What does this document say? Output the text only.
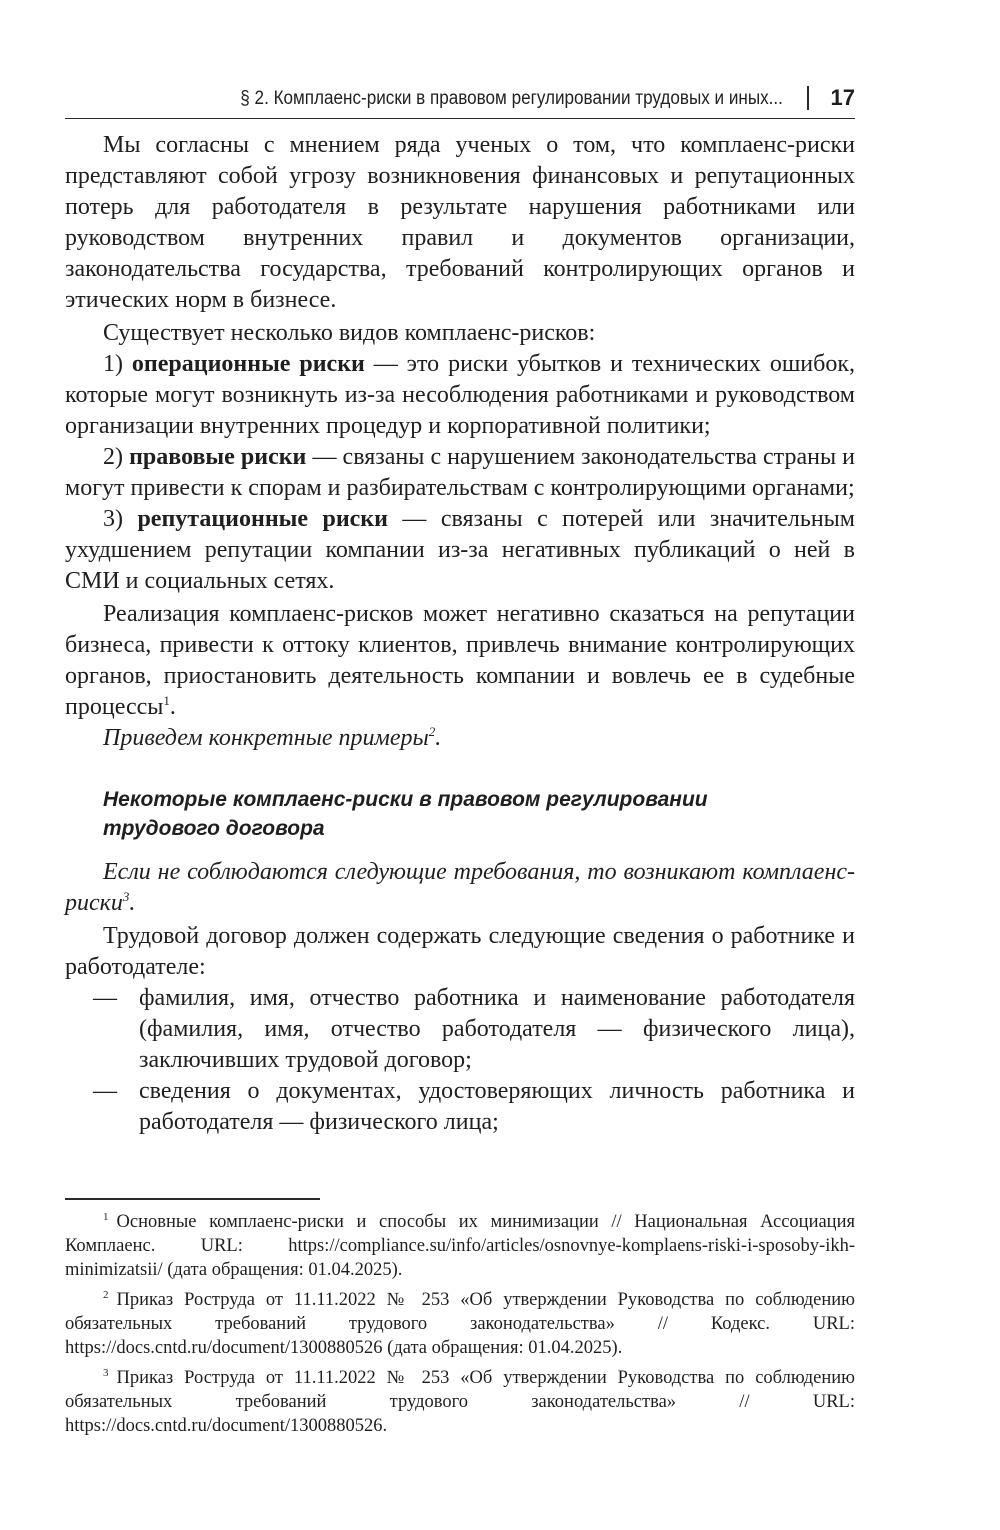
§ 2. Комплаенс-риски в правовом регулировании трудовых и иных... 17

Мы согласны с мнением ряда ученых о том, что комплаенс-риски представляют собой угрозу возникновения финансовых и репутационных потерь для работодателя в результате нарушения работниками или руководством внутренних правил и документов организации, законодательства государства, требований контролирующих органов и этических норм в бизнесе.

Существует несколько видов комплаенс-рисков:

1) операционные риски — это риски убытков и технических ошибок, которые могут возникнуть из-за несоблюдения работниками и руководством организации внутренних процедур и корпоративной политики;

2) правовые риски — связаны с нарушением законодательства страны и могут привести к спорам и разбирательствам с контролирующими органами;

3) репутационные риски — связаны с потерей или значительным ухудшением репутации компании из-за негативных публикаций о ней в СМИ и социальных сетях.

Реализация комплаенс-рисков может негативно сказаться на репутации бизнеса, привести к оттоку клиентов, привлечь внимание контролирующих органов, приостановить деятельность компании и вовлечь ее в судебные процессы$^1$.

Приведем конкретные примеры$^2$.

Некоторые комплаенс-риски в правовом регулировании трудового договора

Если не соблюдаются следующие требования, то возникают комплаенс-риски$^3$.

Трудовой договор должен содержать следующие сведения о работнике и работодателе:

— фамилия, имя, отчество работника и наименование работодателя (фамилия, имя, отчество работодателя — физического лица), заключивших трудовой договор;
— сведения о документах, удостоверяющих личность работника и работодателя — физического лица;
$^1$ Основные комплаенс-риски и способы их минимизации // Национальная Ассоциация Комплаенс. URL: https://compliance.su/info/articles/osnovnye-komplaens-riski-i-sposoby-ikh-minimizatsii/ (дата обращения: 01.04.2025).
$^2$ Приказ Роструда от 11.11.2022 № 253 «Об утверждении Руководства по соблюдению обязательных требований трудового законодательства» // Кодекс. URL: https://docs.cntd.ru/document/1300880526 (дата обращения: 01.04.2025).
$^3$ Приказ Роструда от 11.11.2022 № 253 «Об утверждении Руководства по соблюдению обязательных требований трудового законодательства» // URL: https://docs.cntd.ru/document/1300880526.
